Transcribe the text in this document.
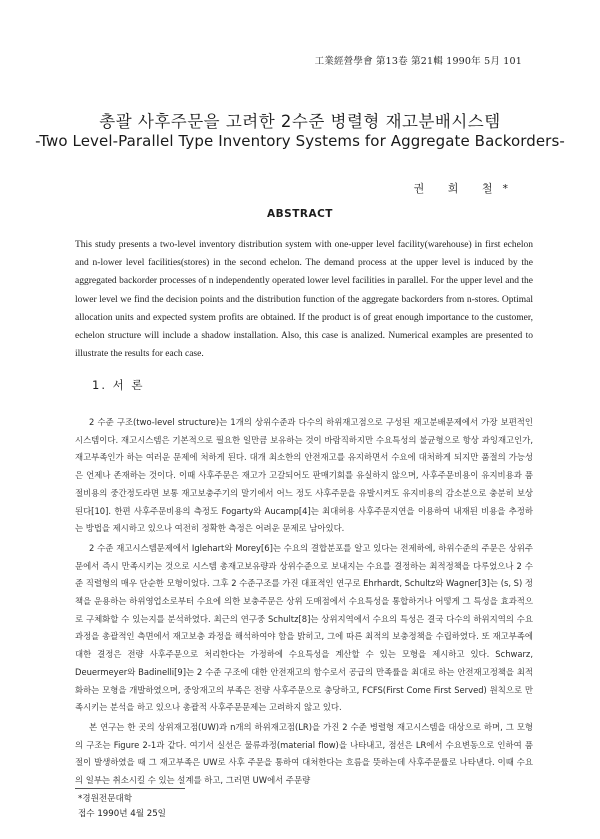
工業經營學會 第13卷 第21輯 1990年 5月 101
총괄 사후주문을 고려한 2수준 병렬형 재고분배시스템
-Two Level-Parallel Type Inventory Systems for Aggregate Backorders-
권 희 철*
ABSTRACT
This study presents a two-level inventory distribution system with one-upper level facility(warehouse) in first echelon and n-lower level facilities(stores) in the second echelon. The demand process at the upper level is induced by the aggregated backorder processes of n independently operated lower level facilities in parallel. For the upper level and the lower level we find the decision points and the distribution function of the aggregate backorders from n-stores. Optimal allocation units and expected system profits are obtained. If the product is of great enough importance to the customer, echelon structure will include a shadow installation. Also, this case is analized. Numerical examples are presented to illustrate the results for each case.
1. 서 론

2 수준 구조(two-level structure)는 1개의 상위수준과 다수의 하위재고점으로 구성된 재고분배문제에서 가장 보편적인 시스템이다. 재고시스템은 기본적으로 필요한 일만큼 보유하는 것이 바람직하지만 수요특성의 불균형으로 항상 과잉재고인가, 재고부족인가 하는 여러운 문제에 처하게 된다. 대개 최소한의 안전재고를 유지하면서 수요에 대처하게 되지만 품절의 가능성은 언제나 존재하는 것이다. 이때 사후주문은 재고가 고갈되어도 판매기회를 유실하지 않으며, 사후주문비용이 유지비용과 품절비용의 중간정도라면 보통 재고보충주기의 말기에서 어느 정도 사후주문을 유발시켜도 유지비용의 감소분으로 충분히 보상된다[10]. 한편 사후주문비용의 측정도 Fogarty와 Aucamp[4]는 최대허용 사후주문지연을 이용하여 내재된 비용을 추정하는 방법을 제시하고 있으나 여전히 정확한 측정은 어려운 문제로 남아있다.

2 수준 재고시스템문제에서 Iglehart와 Morey[6]는 수요의 결합분포를 알고 있다는 전제하에, 하위수준의 주문은 상위주문에서 즉시 만족시키는 것으로 시스템 총재고보유량과 상위수준으로 보내지는 수요를 결정하는 최적정책을 다루었으나 2 수준 직렬형의 매우 단순한 모형이었다. 그후 2 수준구조를 가진 대표적인 연구로 Ehrhardt, Schultz와 Wagner[3]는 (s, S) 정책을 운용하는 하위영업소로부터 수요에 의한 보충주문은 상위 도매점에서 수요특성을 통합하거나 어떻게 그 특성을 효과적으로 구체화할 수 있는지를 분석하였다. 최근의 연구중 Schultz[8]는 상위지역에서 수요의 특성은 결국 다수의 하위지역의 수요과정을 총괄적인 측면에서 재고보충 과정을 해석하여야 함을 밝히고, 그에 따른 최적의 보충정책을 수립하였다. 또 재고부족에 대한 결정은 전량 사후주문으로 처리한다는 가정하에 수요특성을 계산할 수 있는 모형을 제시하고 있다. Schwarz, Deuermeyer와 Badinelli[9]는 2 수준 구조에 대한 안전재고의 함수로서 공급의 만족률을 최대로 하는 안전재고정책을 최적화하는 모형을 개발하였으며, 중앙재고의 부족은 전량 사후주문으로 충당하고, FCFS(First Come First Served) 원칙으로 만족시키는 분석을 하고 있으나 총괄적 사후주문문제는 고려하지 않고 있다.

본 연구는 한 곳의 상위재고점(UW)과 n개의 하위재고점(LR)을 가진 2 수준 병렬형 재고시스템을 대상으로 하며, 그 모형의 구조는 Figure 2-1과 같다. 여기서 실선은 물류과정(material flow)을 나타내고, 점선은 LR에서 수요변동으로 인하여 품절이 발생하였을 때 그 재고부족은 UW로 사후 주문을 통하여 대처한다는 흐름을 뜻하는데 사후주문률로 나타낸다. 이때 수요의 일부는 취소시킬 수 있는 설계를 하고, 그러면 UW에서 주문량

*경원전문대학
접수 1990년 4월 25일
